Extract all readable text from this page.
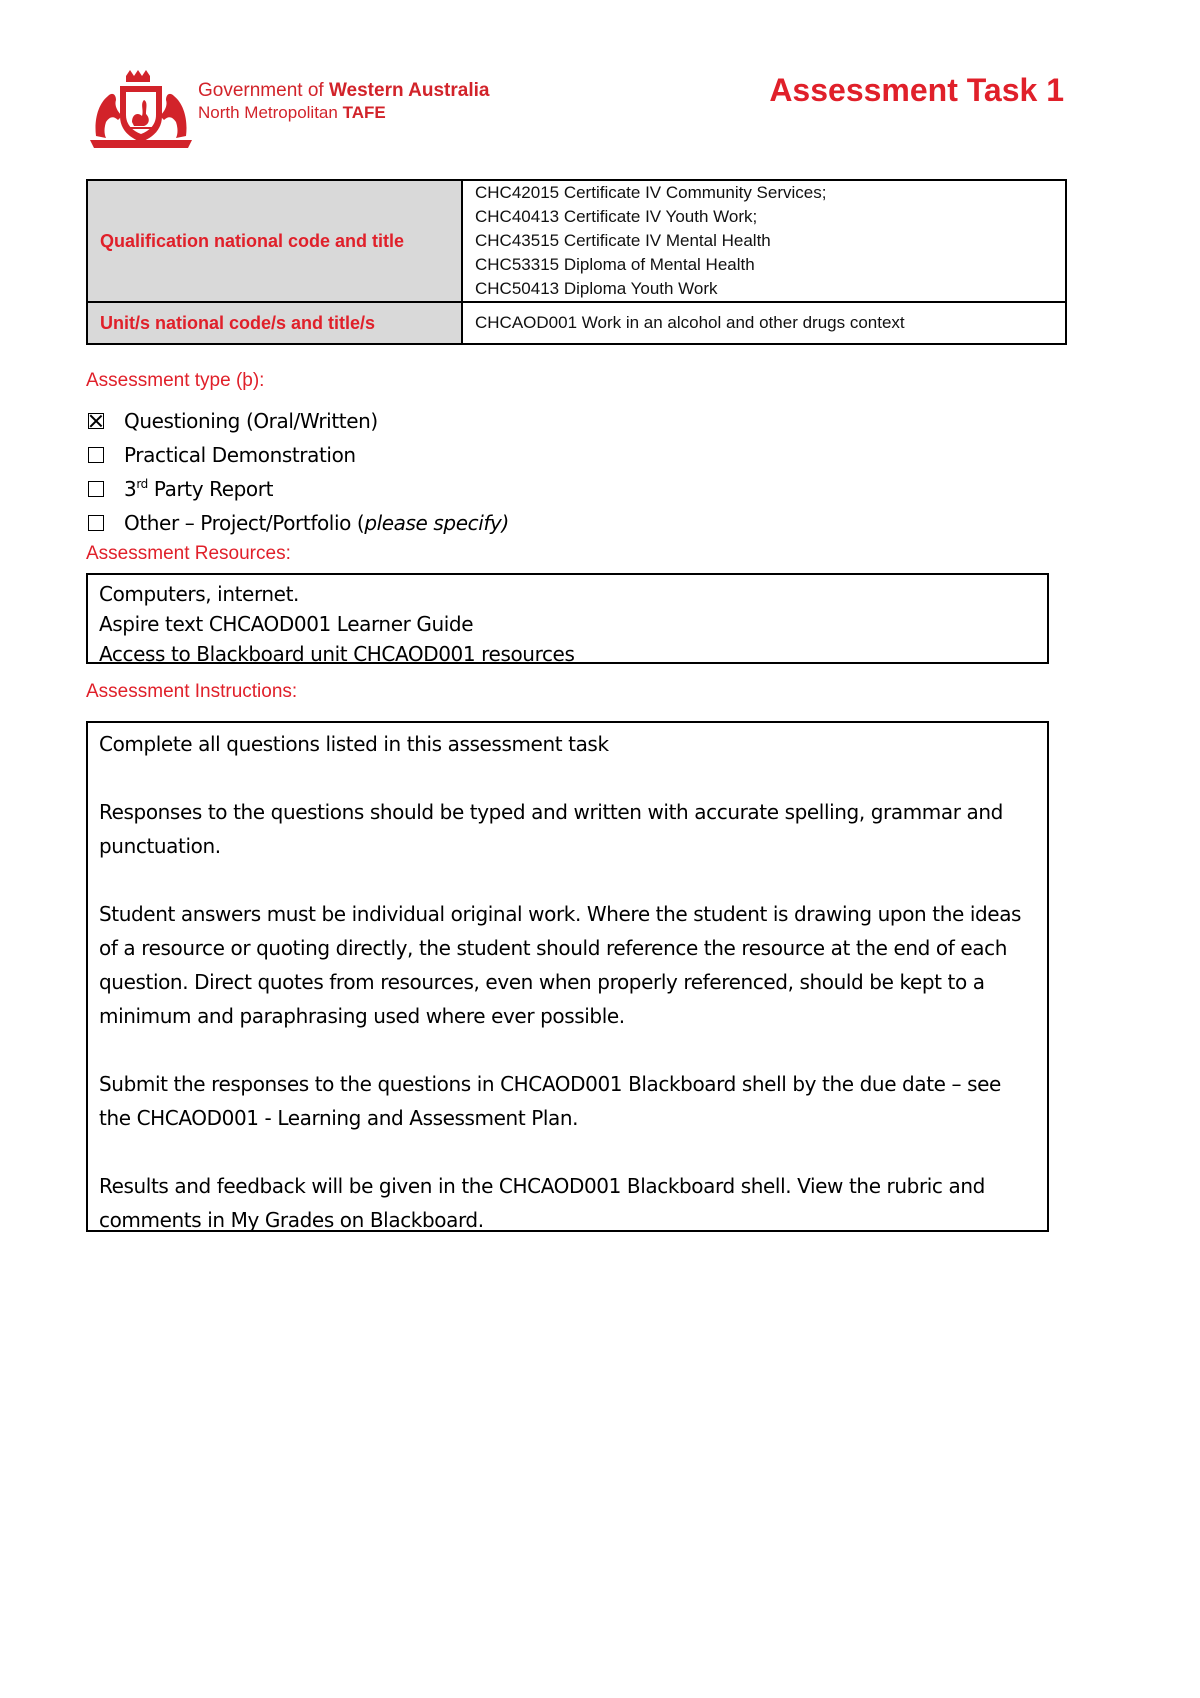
Government of Western Australia
North Metropolitan TAFE
Assessment Task 1
Qualification national code and title	CHC42015 Certificate IV Community Services;
CHC40413 Certificate IV Youth Work;
CHC43515 Certificate IV Mental Health
CHC53315 Diploma of Mental Health
CHC50413 Diploma Youth Work

Unit/s national code/s and title/s	CHCAOD001 Work in an alcohol and other drugs context
Assessment type (þ):
Questioning (Oral/Written)
Practical Demonstration
3rd Party Report
Other – Project/Portfolio (please specify)
Assessment Resources:
Computers, internet.
Aspire text CHCAOD001 Learner Guide
Access to Blackboard unit CHCAOD001 resources
Assessment Instructions:

Complete all questions listed in this assessment task

Responses to the questions should be typed and written with accurate spelling, grammar and punctuation.

Student answers must be individual original work. Where the student is drawing upon the ideas of a resource or quoting directly, the student should reference the resource at the end of each question. Direct quotes from resources, even when properly referenced, should be kept to a minimum and paraphrasing used where ever possible.

Submit the responses to the questions in CHCAOD001 Blackboard shell by the due date – see the CHCAOD001 - Learning and Assessment Plan.

Results and feedback will be given in the CHCAOD001 Blackboard shell. View the rubric and comments in My Grades on Blackboard.
